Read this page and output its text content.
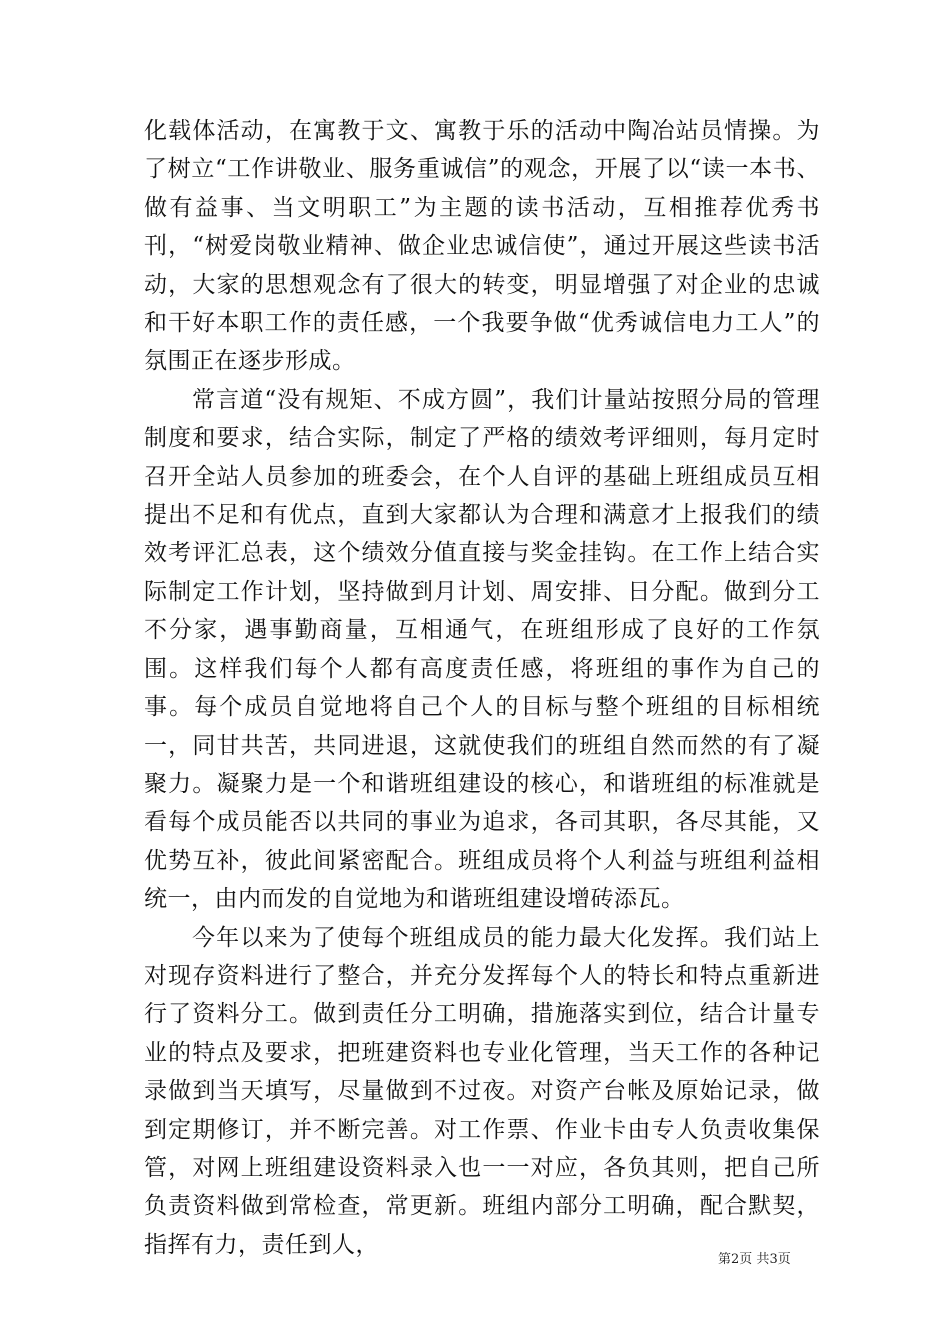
化载体活动，在寓教于文、寓教于乐的活动中陶冶站员情操。为了树立“工作讲敬业、服务重诚信”的观念，开展了以“读一本书、做有益事、当文明职工”为主题的读书活动，互相推荐优秀书刊，“树爱岗敬业精神、做企业忠诚信使”，通过开展这些读书活动，大家的思想观念有了很大的转变，明显增强了对企业的忠诚和干好本职工作的责任感，一个我要争做“优秀诚信电力工人”的氛围正在逐步形成。

常言道“没有规矩、不成方圆”，我们计量站按照分局的管理制度和要求，结合实际，制定了严格的绩效考评细则，每月定时召开全站人员参加的班委会，在个人自评的基础上班组成员互相提出不足和有优点，直到大家都认为合理和满意才上报我们的绩效考评汇总表，这个绩效分值直接与奖金挂钩。在工作上结合实际制定工作计划，坚持做到月计划、周安排、日分配。做到分工不分家，遇事勤商量，互相通气，在班组形成了良好的工作氛围。这样我们每个人都有高度责任感，将班组的事作为自己的事。每个成员自觉地将自己个人的目标与整个班组的目标相统一，同甘共苦，共同进退，这就使我们的班组自然而然的有了凝聚力。凝聚力是一个和谐班组建设的核心，和谐班组的标准就是看每个成员能否以共同的事业为追求，各司其职，各尽其能，又优势互补，彼此间紧密配合。班组成员将个人利益与班组利益相统一，由内而发的自觉地为和谐班组建设增砖添瓦。

今年以来为了使每个班组成员的能力最大化发挥。我们站上对现存资料进行了整合，并充分发挥每个人的特长和特点重新进行了资料分工。做到责任分工明确，措施落实到位，结合计量专业的特点及要求，把班建资料也专业化管理，当天工作的各种记录做到当天填写，尽量做到不过夜。对资产台帐及原始记录，做到定期修订，并不断完善。对工作票、作业卡由专人负责收集保管，对网上班组建设资料录入也一一对应，各负其则，把自己所负责资料做到常检查，常更新。班组内部分工明确，配合默契，指挥有力，责任到人，

第2页 共3页
